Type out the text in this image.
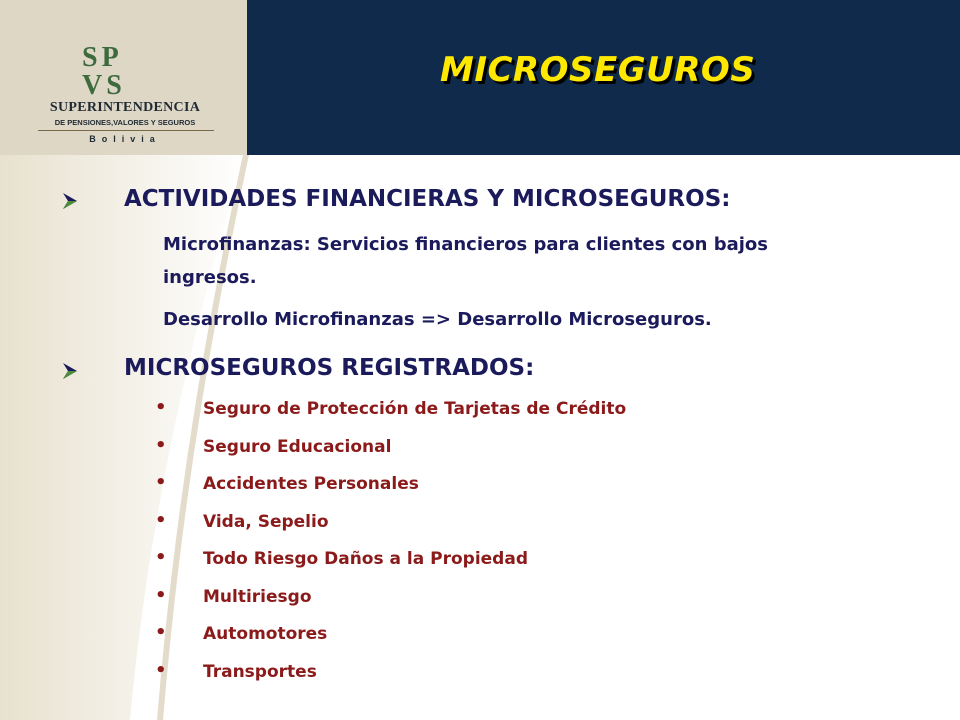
SP
VS
SUPERINTENDENCIA
DE PENSIONES,VALORES Y SEGUROS
Bolivia
MICROSEGUROS
ACTIVIDADES FINANCIERAS Y MICROSEGUROS:

Microfinanzas: Servicios financieros para clientes con bajos ingresos.

Desarrollo Microfinanzas => Desarrollo Microseguros.

MICROSEGUROS REGISTRADOS:
• Seguro de Protección de Tarjetas de Crédito
• Seguro Educacional
• Accidentes Personales
• Vida, Sepelio
• Todo Riesgo Daños a la Propiedad
• Multiriesgo
• Automotores
• Transportes
